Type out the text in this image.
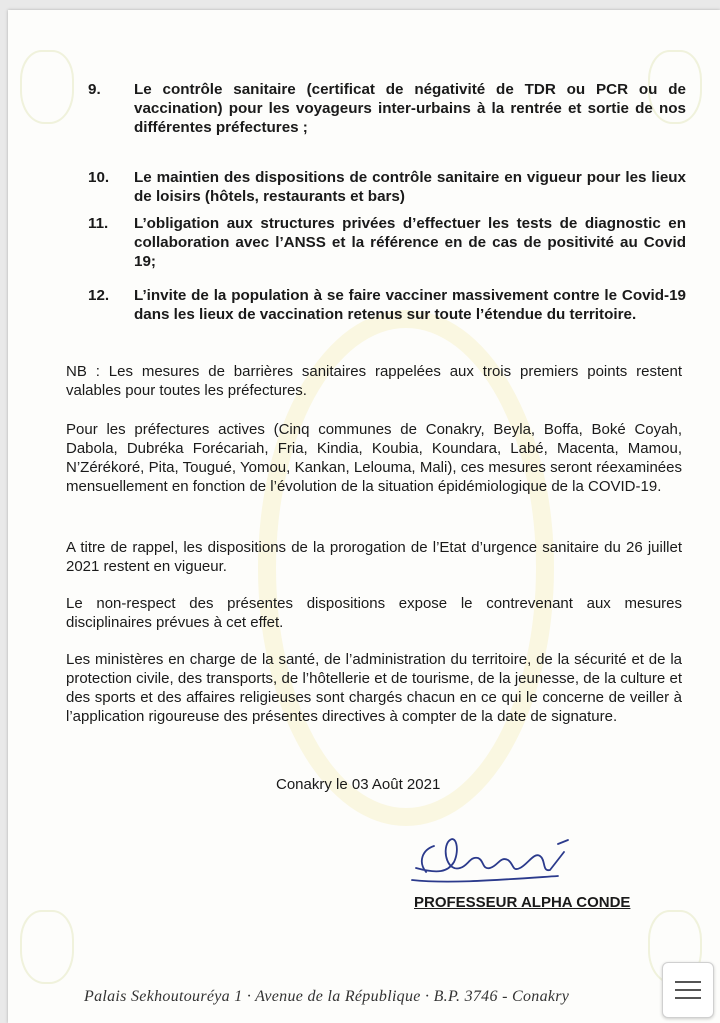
9.	Le contrôle sanitaire (certificat de négativité de TDR ou PCR ou de vaccination) pour les voyageurs inter-urbains à la rentrée et sortie de nos différentes préfectures ;
10.	Le maintien des dispositions de contrôle sanitaire en vigueur pour les lieux de loisirs (hôtels, restaurants et bars)
11.	L’obligation aux structures privées d’effectuer les tests de diagnostic en collaboration avec l’ANSS et la référence en de cas de positivité au Covid 19;
12.	L’invite de la population à se faire vacciner massivement contre le Covid-19 dans les lieux de vaccination retenus sur toute l’étendue du territoire.
NB : Les mesures de barrières sanitaires rappelées aux trois premiers points restent valables pour toutes les préfectures.
Pour les préfectures actives (Cinq communes de Conakry, Beyla, Boffa, Boké Coyah, Dabola, Dubréka Forécariah, Fria, Kindia, Koubia, Koundara, Labé, Macenta, Mamou, N’Zérékoré, Pita, Tougué, Yomou, Kankan, Lelouma, Mali), ces mesures seront réexaminées mensuellement en fonction de l’évolution de la situation épidémiologique de la COVID-19.
A titre de rappel, les dispositions de la prorogation de l’Etat d’urgence sanitaire du 26 juillet 2021 restent en vigueur.
Le non-respect des présentes dispositions expose le contrevenant aux mesures disciplinaires prévues à cet effet.
Les ministères en charge de la santé, de l’administration du territoire, de la sécurité et de la protection civile, des transports, de l’hôtellerie et de tourisme, de la jeunesse, de la culture et des sports et des affaires religieuses sont chargés chacun en ce qui le concerne de veiller à l’application rigoureuse des présentes directives à compter de la date de signature.
Conakry le 03 Août 2021
PROFESSEUR ALPHA CONDE
Palais Sekhoutouréya 1 · Avenue de la République · B.P. 3746 - Conakry
